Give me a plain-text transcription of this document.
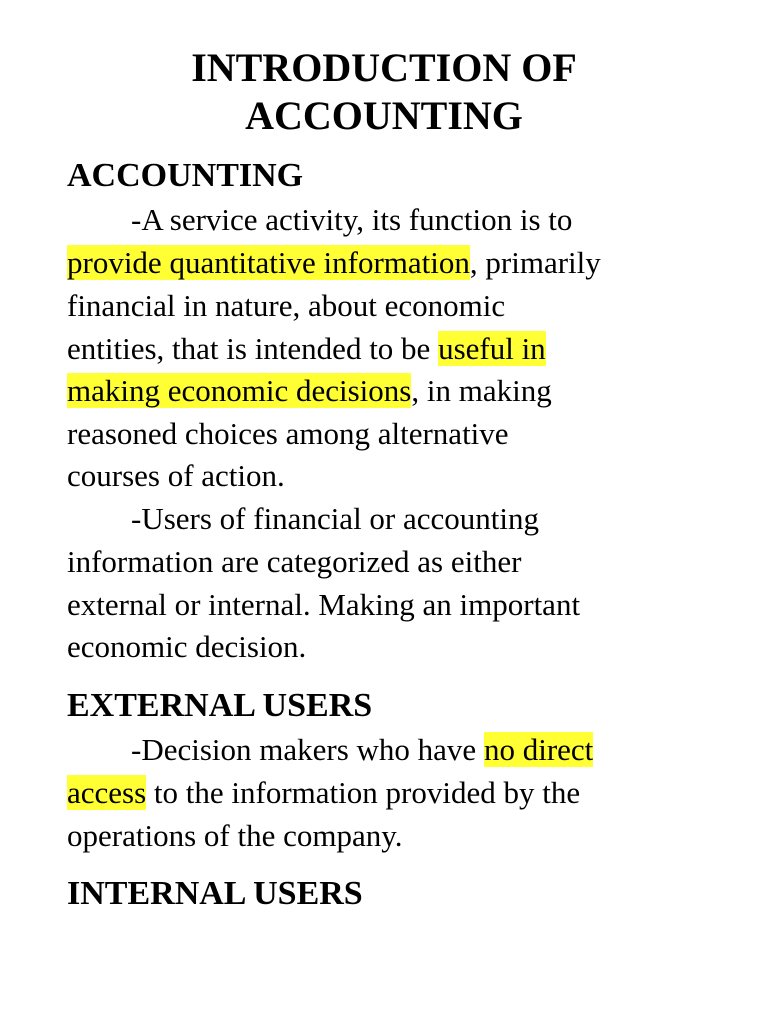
INTRODUCTION OF
ACCOUNTING
ACCOUNTING

-A service activity, its function is to

provide quantitative information, primarily

financial in nature, about economic

entities, that is intended to be useful in

making economic decisions, in making

reasoned choices among alternative

courses of action.

-Users of financial or accounting

information are categorized as either

external or internal. Making an important

economic decision.

EXTERNAL USERS

-Decision makers who have no direct

access to the information provided by the

operations of the company.

INTERNAL USERS
